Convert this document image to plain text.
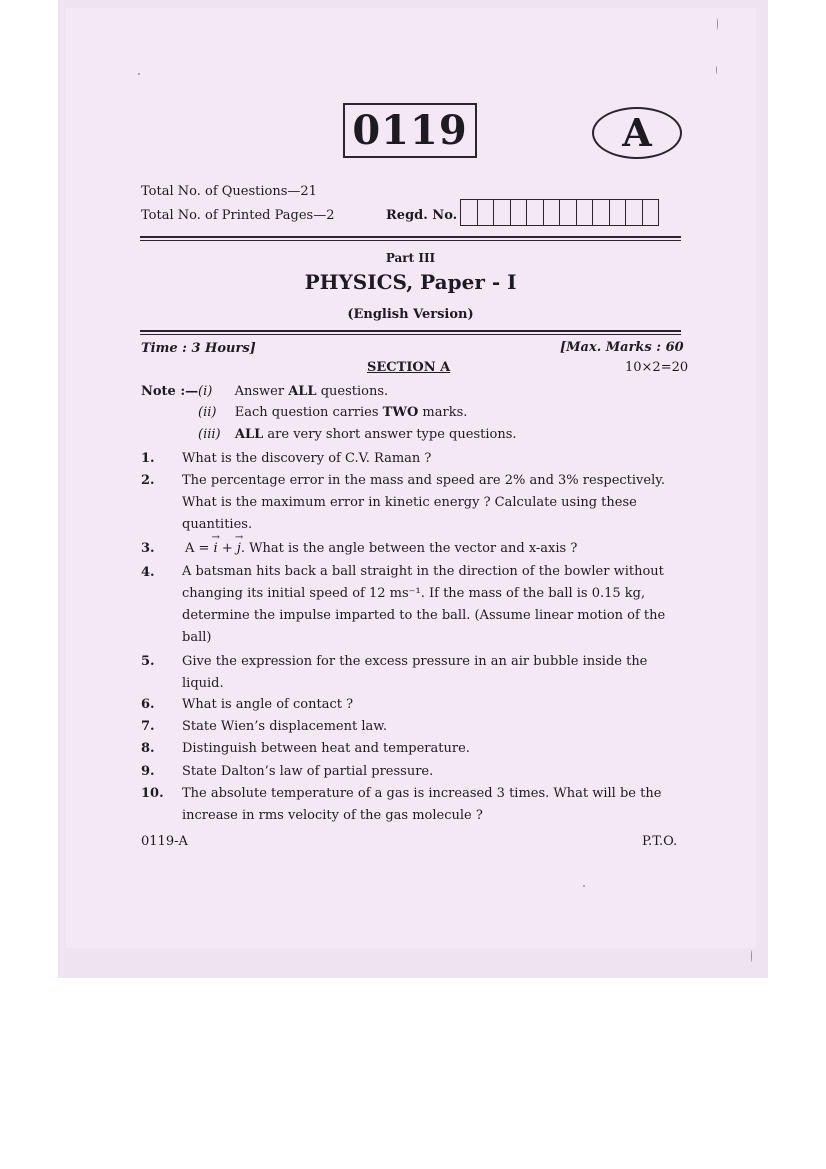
0119	A
Total No. of Questions—21
Total No. of Printed Pages—2	Regd. No.
Part III
PHYSICS, Paper - I
(English Version)
Time : 3 Hours]	[Max. Marks : 60
SECTION A	10×2=20
Note :— (i) Answer ALL questions.
(ii) Each question carries TWO marks.
(iii) ALL are very short answer type questions.
1. What is the discovery of C.V. Raman ?
2. The percentage error in the mass and speed are 2% and 3% respectively.
What is the maximum error in kinetic energy ? Calculate using these
quantities.
3. A = → i + → j. What is the angle between the vector and x-axis ?
4. A batsman hits back a ball straight in the direction of the bowler without
changing its initial speed of 12 ms⁻¹. If the mass of the ball is 0.15 kg,
determine the impulse imparted to the ball. (Assume linear motion of the
ball)
5. Give the expression for the excess pressure in an air bubble inside the
liquid.
6. What is angle of contact ?
7. State Wien’s displacement law.
8. Distinguish between heat and temperature.
9. State Dalton’s law of partial pressure.
10. The absolute temperature of a gas is increased 3 times. What will be the
increase in rms velocity of the gas molecule ?
0119-A	P.T.O.
